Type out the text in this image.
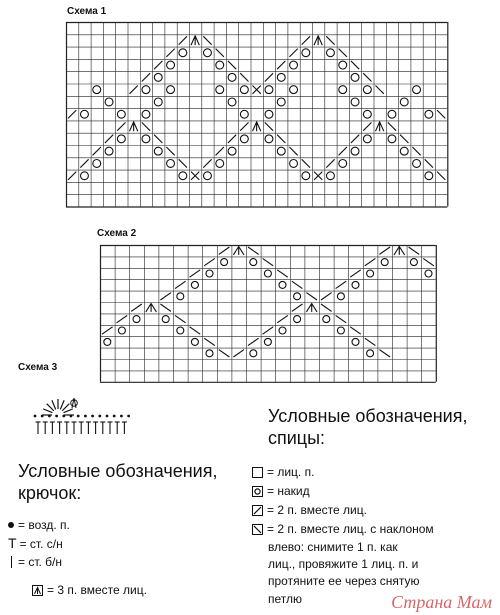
Схема 1
Схема 2
Схема 3
Условные обозначения, крючок:
= возд. п.
T = ст. с/н
= ст. б/н
= 3 п. вместе лиц.
Условные обозначения, спицы:
= лиц. п.
= накид
= 2 п. вместе лиц.
= 2 п. вместе лиц. с наклоном
влево: снимите 1 п. как
лиц., провяжите 1 лиц. п. и
протяните ее через снятую
петлю	Страна Мам
